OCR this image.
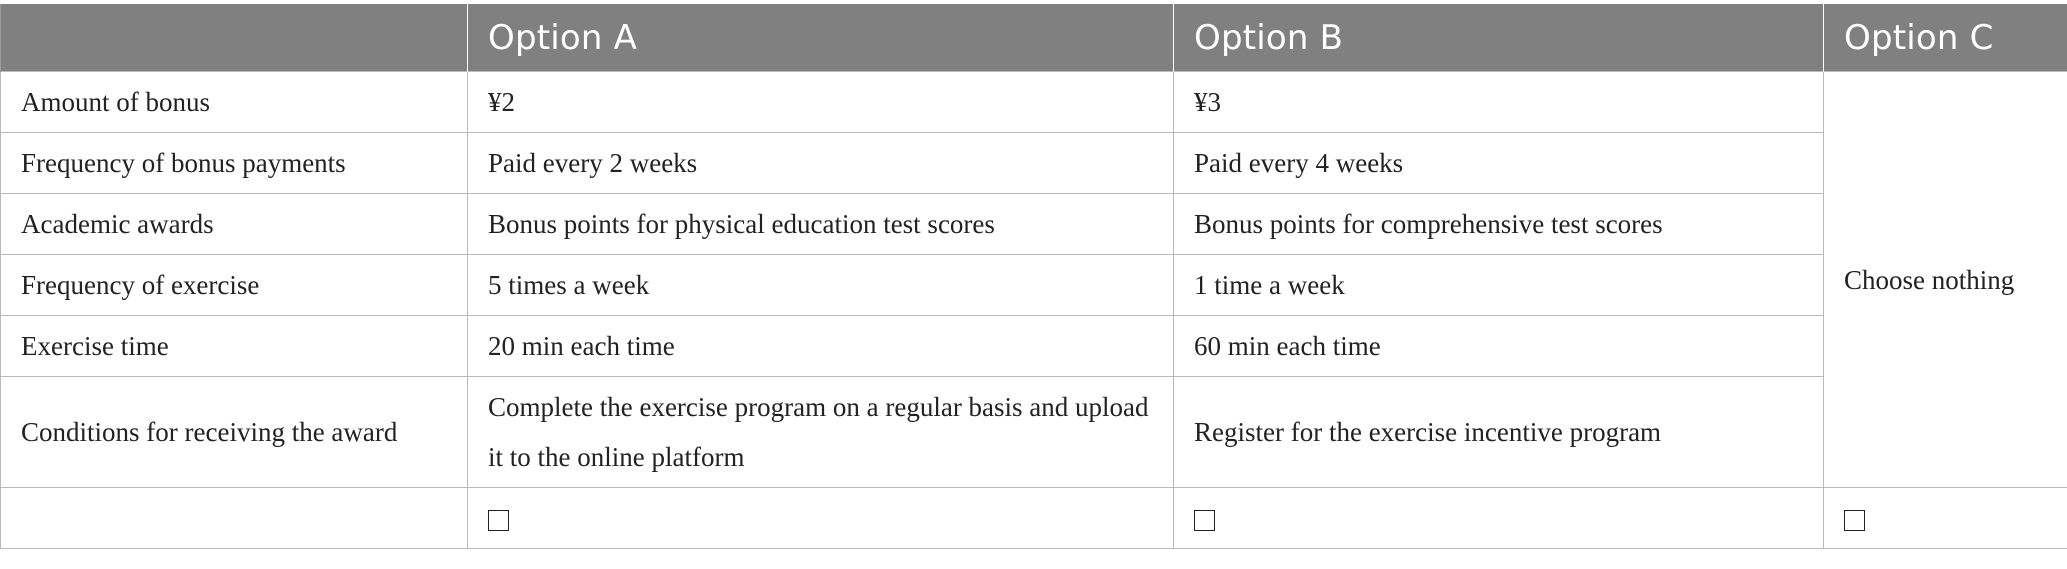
	Option A	Option B	Option C
Amount of bonus	¥2	¥3	Choose nothing
Frequency of bonus payments	Paid every 2 weeks	Paid every 4 weeks	
Academic awards	Bonus points for physical education test scores	Bonus points for comprehensive test scores	
Frequency of exercise	5 times a week	1 time a week	
Exercise time	20 min each time	60 min each time	
Conditions for receiving the award	Complete the exercise program on a regular basis and upload it to the online platform	Register for the exercise incentive program	
